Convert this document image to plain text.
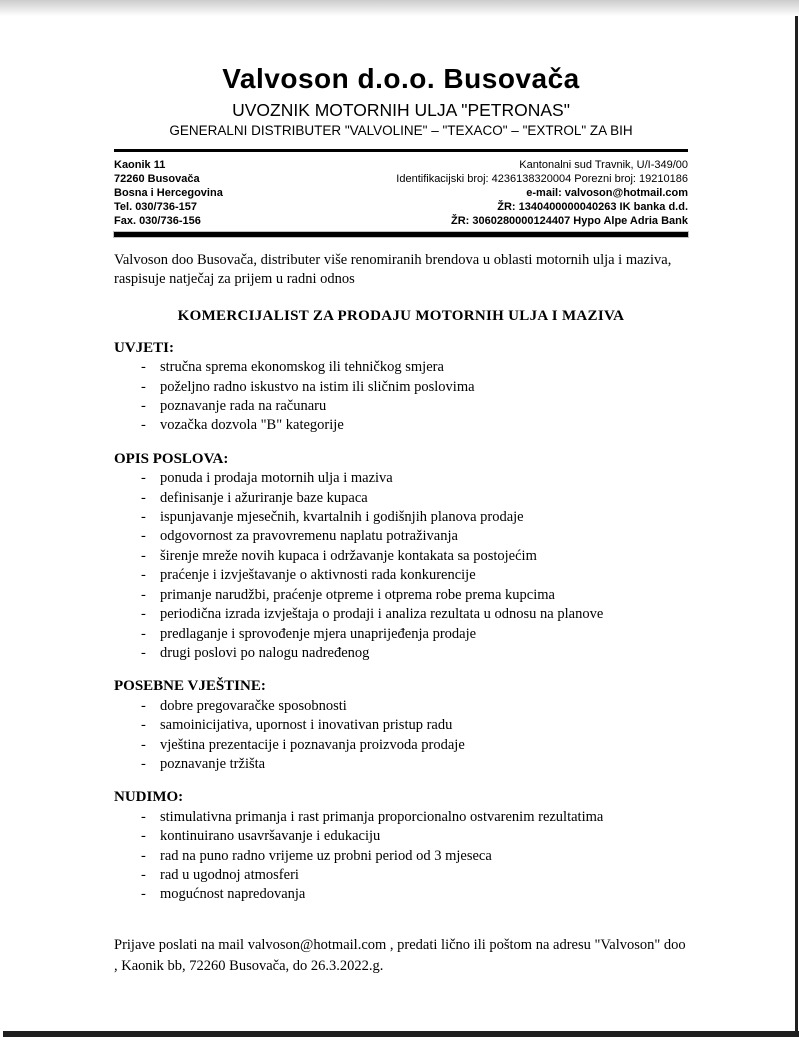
Valvoson d.o.o. Busovača
UVOZNIK MOTORNIH ULJA "PETRONAS"
GENERALNI DISTRIBUTER "VALVOLINE" – "TEXACO" – "EXTROL" ZA BIH
Kaonik 11
72260 Busovača
Bosna i Hercegovina
Tel. 030/736-157
Fax. 030/736-156
Kantonalni sud Travnik, U/I-349/00
Identifikacijski broj: 4236138320004 Porezni broj: 19210186
e-mail: valvoson@hotmail.com
ŽR: 1340400000040263 IK banka d.d.
ŽR: 3060280000124407 Hypo Alpe Adria Bank

Valvoson doo Busovača, distributer više renomiranih brendova u oblasti motornih ulja i maziva, raspisuje natječaj za prijem u radni odnos

KOMERCIJALIST ZA PRODAJU MOTORNIH ULJA I MAZIVA
UVJETI:
- stručna sprema ekonomskog ili tehničkog smjera
- poželjno radno iskustvo na istim ili sličnim poslovima
- poznavanje rada na računaru
- vozačka dozvola "B" kategorije
OPIS POSLOVA:
- ponuda i prodaja motornih ulja i maziva
- definisanje i ažuriranje baze kupaca
- ispunjavanje mjesečnih, kvartalnih i godišnjih planova prodaje
- odgovornost za pravovremenu naplatu potraživanja
- širenje mreže novih kupaca i održavanje kontakata sa postojećim
- praćenje i izvještavanje o aktivnosti rada konkurencije
- primanje narudžbi, praćenje otpreme i otprema robe prema kupcima
- periodična izrada izvještaja o prodaji i analiza rezultata u odnosu na planove
- predlaganje i sprovođenje mjera unaprijeđenja prodaje
- drugi poslovi po nalogu nadređenog
POSEBNE VJEŠTINE:
- dobre pregovaračke sposobnosti
- samoinicijativa, upornost i inovativan pristup radu
- vještina prezentacije i poznavanja proizvoda prodaje
- poznavanje tržišta
NUDIMO:
- stimulativna primanja i rast primanja proporcionalno ostvarenim rezultatima
- kontinuirano usavršavanje i edukaciju
- rad na puno radno vrijeme uz probni period od 3 mjeseca
- rad u ugodnoj atmosferi
- mogućnost napredovanja

Prijave poslati na mail valvoson@hotmail.com , predati lično ili poštom na adresu "Valvoson" doo , Kaonik bb, 72260 Busovača, do 26.3.2022.g.
